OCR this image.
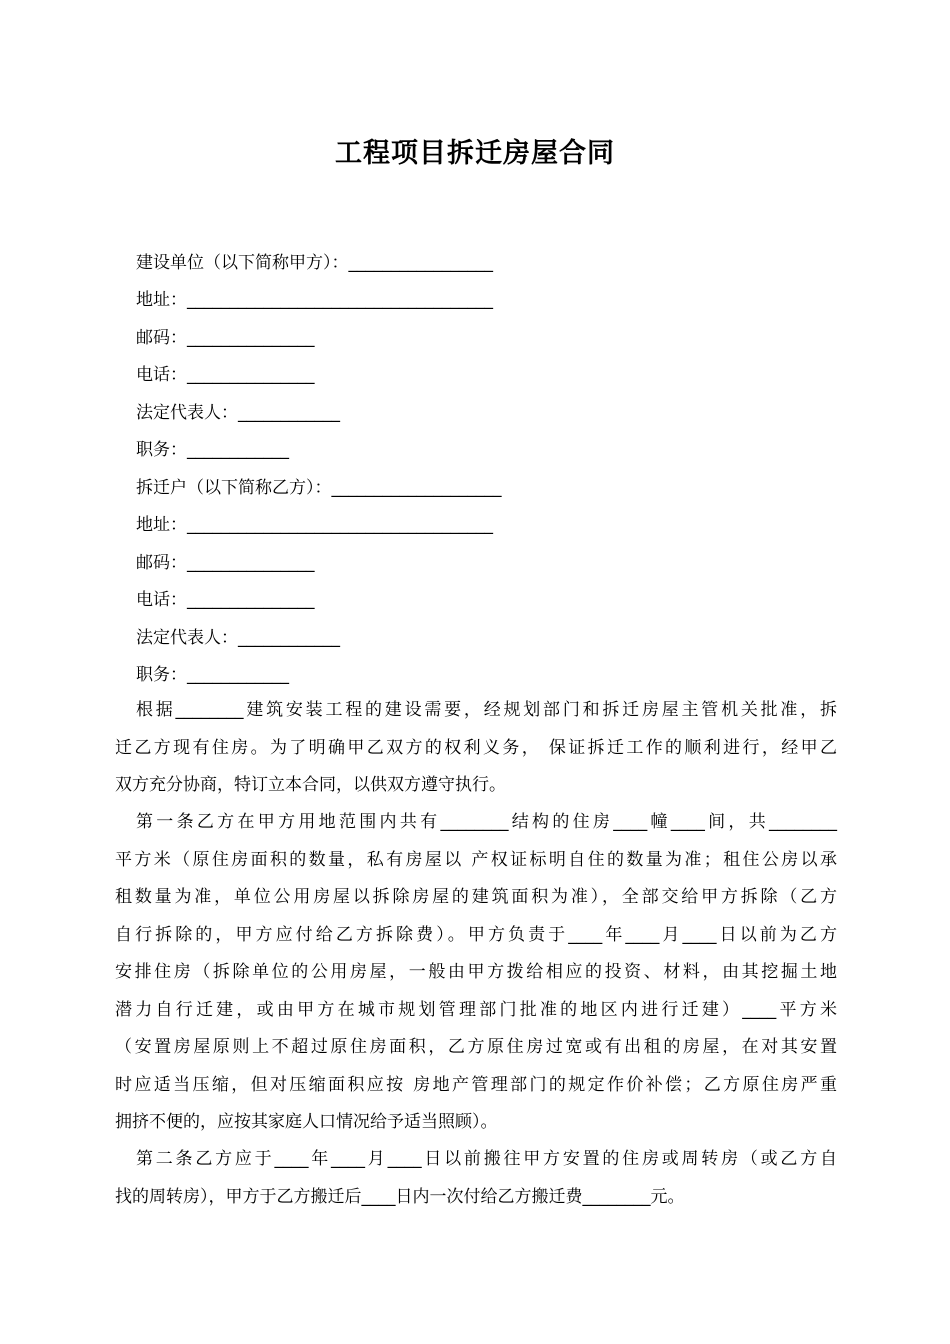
工程项目拆迁房屋合同
建设单位（以下简称甲方）：_________________
地址：____________________________________
邮码：_______________
电话：_______________
法定代表人：____________
职务：____________
拆迁户（以下简称乙方）：____________________
地址：____________________________________
邮码：_______________
电话：_______________
法定代表人：____________
职务：____________
根据________建筑安装工程的建设需要，经规划部门和拆迁房屋主管机关批准，拆
迁乙方现有住房。为了明确甲乙双方的权利义务， 保证拆迁工作的顺利进行，经甲乙
双方充分协商，特订立本合同，以供双方遵守执行。
第一条乙方在甲方用地范围内共有________结构的住房____幢____间，共________
平方米（原住房面积的数量，私有房屋以 产权证标明自住的数量为准；租住公房以承
租数量为准，单位公用房屋以拆除房屋的建筑面积为准），全部交给甲方拆除（乙方
自行拆除的，甲方应付给乙方拆除费）。甲方负责于____年____月____日以前为乙方
安排住房（拆除单位的公用房屋，一般由甲方拨给相应的投资、材料，由其挖掘土地
潜力自行迁建，或由甲方在城市规划管理部门批准的地区内进行迁建）____平方米
（安置房屋原则上不超过原住房面积，乙方原住房过宽或有出租的房屋，在对其安置
时应适当压缩，但对压缩面积应按 房地产管理部门的规定作价补偿；乙方原住房严重
拥挤不便的，应按其家庭人口情况给予适当照顾）。
第二条乙方应于____年____月____日以前搬往甲方安置的住房或周转房（或乙方自
找的周转房），甲方于乙方搬迁后____日内一次付给乙方搬迁费________元。
